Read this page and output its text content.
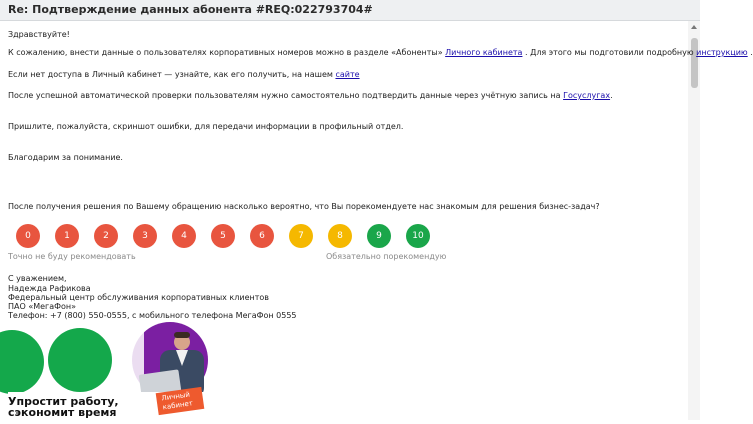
Re: Подтверждение данных абонента #REQ:022793704#
Здравствуйте!
К сожалению, внести данные о пользователях корпоративных номеров можно в разделе «Абоненты» Личного кабинета . Для этого мы подготовили подробную инструкцию .
Если нет доступа в Личный кабинет — узнайте, как его получить, на нашем сайте
После успешной автоматической проверки пользователям нужно самостоятельно подтвердить данные через учётную запись на Госуслугах.
Пришлите, пожалуйста, скриншот ошибки, для передачи информации в профильный отдел.
Благодарим за понимание.
После получения решения по Вашему обращению насколько вероятно, что Вы порекомендуете нас знакомым для решения бизнес-задач?
0	1	2	3	4	5	6	7	8	9	10
Точно не буду рекомендовать	Обязательно порекомендую
С уважением,
Надежда Рафикова
Федеральный центр обслуживания корпоративных клиентов
ПАО «МегаФон»
Телефон: +7 (800) 550-0555, с мобильного телефона МегаФон 0555
Упростит работу,
сэкономит время
Личный
кабинет
